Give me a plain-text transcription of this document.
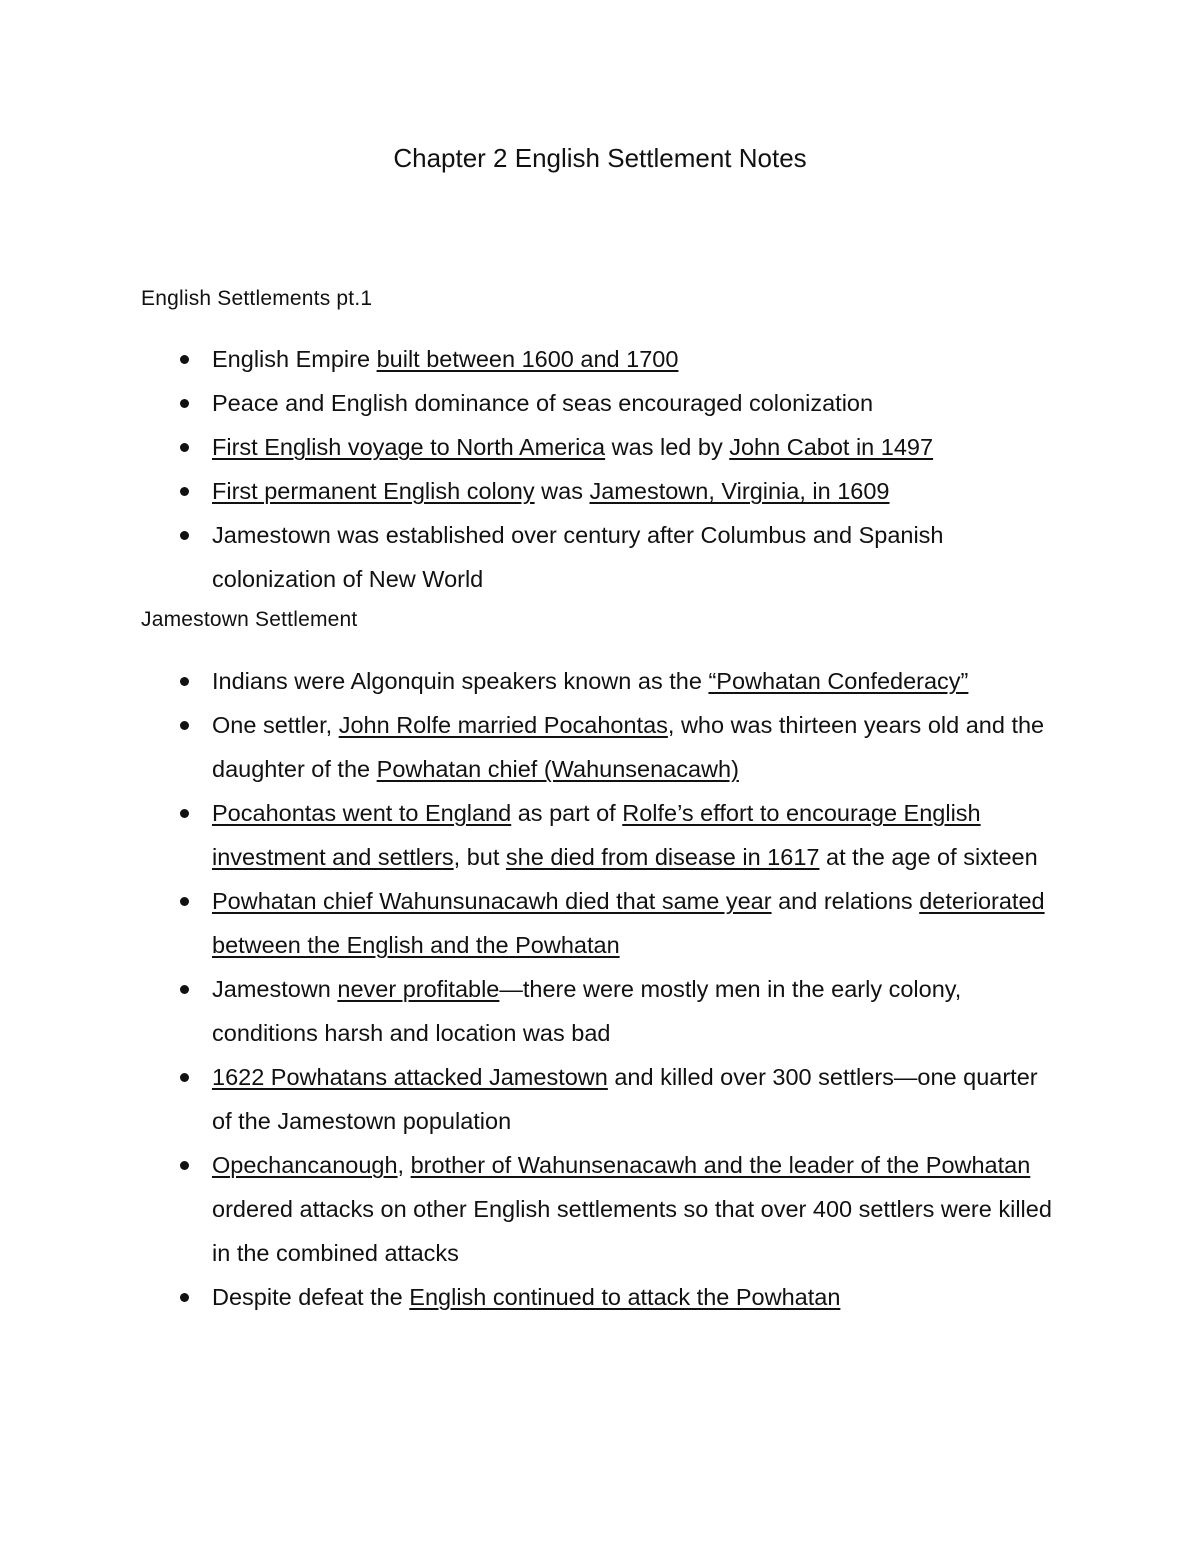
Chapter 2 English Settlement Notes
English Settlements pt.1
English Empire built between 1600 and 1700
Peace and English dominance of seas encouraged colonization
First English voyage to North America was led by John Cabot in 1497
First permanent English colony was Jamestown, Virginia, in 1609
Jamestown was established over century after Columbus and Spanish colonization of New World
Jamestown Settlement
Indians were Algonquin speakers known as the “Powhatan Confederacy”
One settler, John Rolfe married Pocahontas, who was thirteen years old and the daughter of the Powhatan chief (Wahunsenacawh)
Pocahontas went to England as part of Rolfe’s effort to encourage English investment and settlers, but she died from disease in 1617 at the age of sixteen
Powhatan chief Wahunsunacawh died that same year and relations deteriorated between the English and the Powhatan
Jamestown never profitable—there were mostly men in the early colony, conditions harsh and location was bad
1622 Powhatans attacked Jamestown and killed over 300 settlers—one quarter of the Jamestown population
Opechancanough, brother of Wahunsenacawh and the leader of the Powhatan ordered attacks on other English settlements so that over 400 settlers were killed in the combined attacks
Despite defeat the English continued to attack the Powhatan
